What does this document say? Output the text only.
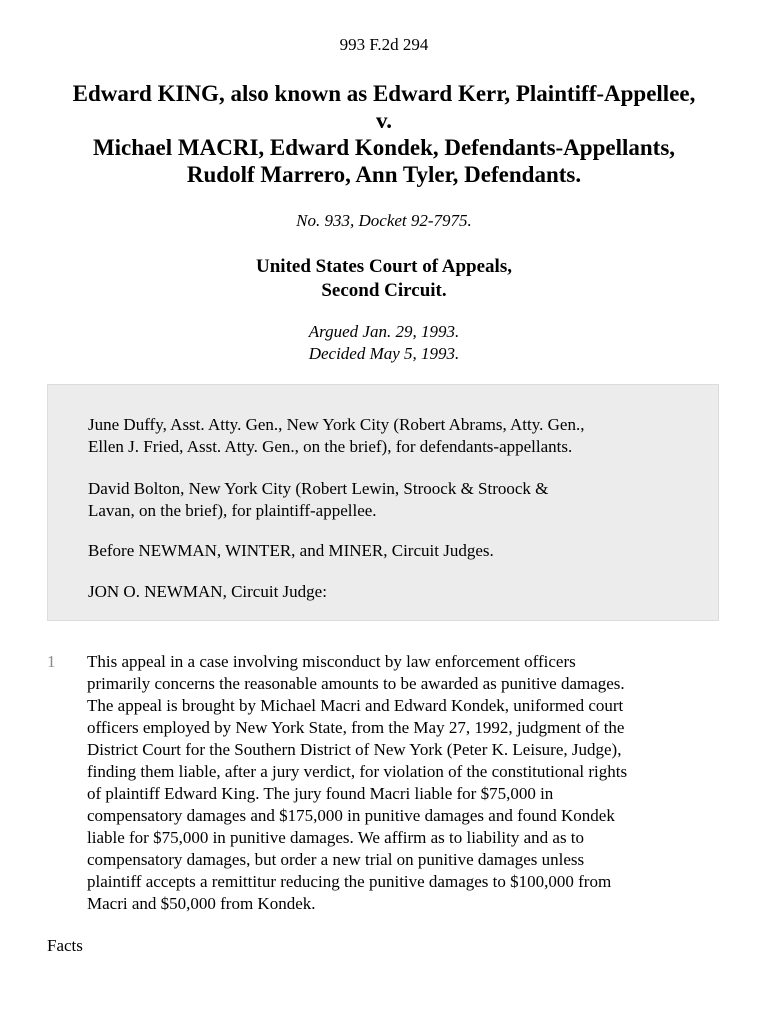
993 F.2d 294
Edward KING, also known as Edward Kerr, Plaintiff-Appellee,
v.
Michael MACRI, Edward Kondek, Defendants-Appellants,
Rudolf Marrero, Ann Tyler, Defendants.
No. 933, Docket 92-7975.
United States Court of Appeals,
Second Circuit.
Argued Jan. 29, 1993.
Decided May 5, 1993.

June Duffy, Asst. Atty. Gen., New York City (Robert Abrams, Atty. Gen.,

Ellen J. Fried, Asst. Atty. Gen., on the brief), for defendants-appellants.

David Bolton, New York City (Robert Lewin, Stroock & Stroock &

Lavan, on the brief), for plaintiff-appellee.

Before NEWMAN, WINTER, and MINER, Circuit Judges.

JON O. NEWMAN, Circuit Judge:

1 This appeal in a case involving misconduct by law enforcement officers
primarily concerns the reasonable amounts to be awarded as punitive damages.
The appeal is brought by Michael Macri and Edward Kondek, uniformed court
officers employed by New York State, from the May 27, 1992, judgment of the
District Court for the Southern District of New York (Peter K. Leisure, Judge),
finding them liable, after a jury verdict, for violation of the constitutional rights
of plaintiff Edward King. The jury found Macri liable for $75,000 in
compensatory damages and $175,000 in punitive damages and found Kondek
liable for $75,000 in punitive damages. We affirm as to liability and as to
compensatory damages, but order a new trial on punitive damages unless
plaintiff accepts a remittitur reducing the punitive damages to $100,000 from
Macri and $50,000 from Kondek.
Facts
